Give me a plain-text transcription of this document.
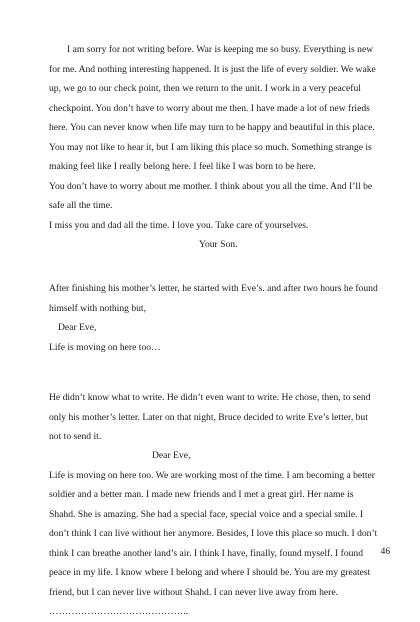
I am sorry for not writing before. War is keeping me so busy. Everything is new
for me. And nothing interesting happened. It is just the life of every soldier. We wake
up, we go to our check point, then we return to the unit. I work in a very peaceful
checkpoint. You don’t have to worry about me then. I have made a lot of new frieds
here. You can never know when life may turn to be happy and beautiful in this place.
You may not like to hear it, but I am liking this place so much. Something strange is
making feel like I really belong here. I feel like I was born to be here.
You don’t have to worry about me mother. I think about you all the time. And I’ll be
safe all the time.
I miss you and dad all the time. I love you. Take care of yourselves.
Your Son.
After finishing his mother’s letter, he started with Eve’s. and after two hours he found
himself with nothing but,
Dear Eve,
Life is moving on here too…
He didn’t know what to write. He didn’t even want to write. He chose, then, to send
only his mother’s letter. Later on that night, Bruce decided to write Eve’s letter, but
not to send it.
Dear Eve,
Life is moving on here too. We are working most of the time. I am becoming a better
soldier and a better man. I made new friends and I met a great girl. Her name is
Shahd. She is amazing. She had a special face, special voice and a special smile. I
don’t think I can live without her anymore. Besides, I love this place so much. I don’t
think I can breathe another land’s air. I think I have, finally, found myself. I found
peace in my life. I know where I belong and where I should be. You are my greatest
friend, but I can never live without Shahd. I can never live away from here.
……………………………………..
46
